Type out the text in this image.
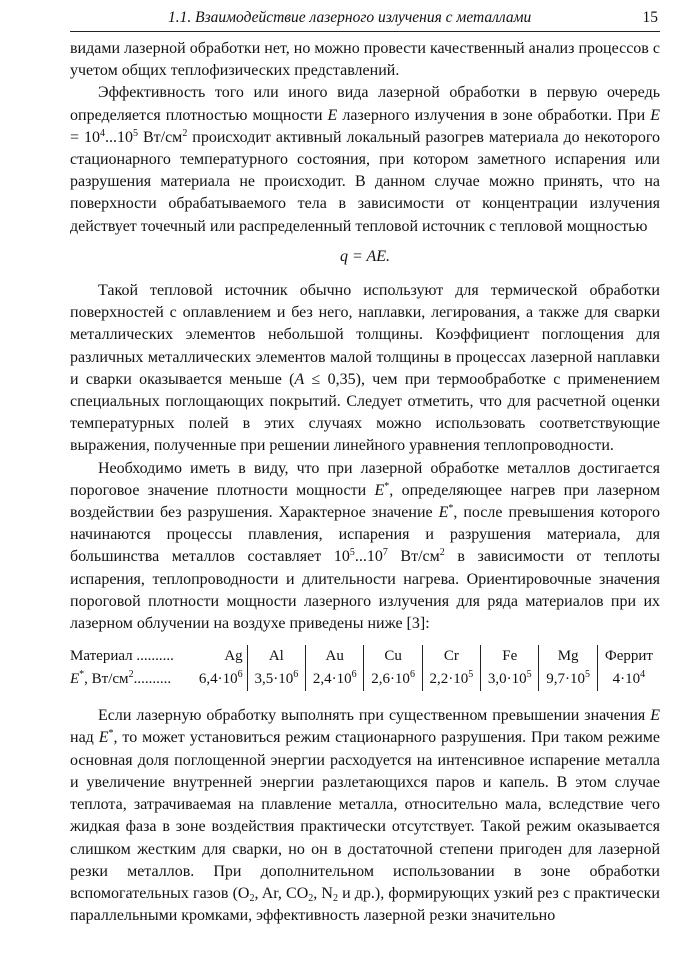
1.1. Взаимодействие лазерного излучения с металлами	15

видами лазерной обработки нет, но можно провести качественный анализ процессов с учетом общих теплофизических представлений.

Эффективность того или иного вида лазерной обработки в первую очередь определяется плотностью мощности E лазерного излучения в зоне обработки. При $E = 10^4...10^5$ $Вт/см^2$ происходит активный локальный разогрев материала до некоторого стационарного температурного состояния, при котором заметного испарения или разрушения материала не происходит. В данном случае можно принять, что на поверхности обрабатываемого тела в зависимости от концентрации излучения действует точечный или распределенный тепловой источник с тепловой мощностью

q = AE.

Такой тепловой источник обычно используют для термической обработки поверхностей с оплавлением и без него, наплавки, легирования, а также для сварки металлических элементов небольшой толщины. Коэффициент поглощения для различных металлических элементов малой толщины в процессах лазерной наплавки и сварки оказывается меньше (A ≤ 0,35), чем при термообработке с применением специальных поглощающих покрытий. Следует отметить, что для расчетной оценки температурных полей в этих случаях можно использовать соответствующие выражения, полученные при решении линейного уравнения теплопроводности.

Необходимо иметь в виду, что при лазерной обработке металлов достигается пороговое значение плотности мощности E*, определяющее нагрев при лазерном воздействии без разрушения. Характерное значение E*, после превышения которого начинаются процессы плавления, испарения и разрушения материала, для большинства металлов составляет $10^5...10^7$ $Вт/см^2$ в зависимости от теплоты испарения, теплопроводности и длительности нагрева. Ориентировочные значения пороговой плотности мощности лазерного излучения для ряда материалов при их лазерном облучении на воздухе приведены ниже [3]:

Материал ..........	Ag	Al	Au	Cu	Cr	Fe	Mg	Феррит
E*, $Вт/см^2$..........	$6,4\cdot 10^6$	$3,5\cdot 10^6$	$2,4\cdot 10^6$	$2,6\cdot 10^6$	$2,2\cdot 10^5$	$3,0\cdot 10^5$	$9,7\cdot 10^5$	$4\cdot 10^4$

Если лазерную обработку выполнять при существенном превышении значения E над E*, то может установиться режим стационарного разрушения. При таком режиме основная доля поглощенной энергии расходуется на интенсивное испарение металла и увеличение внутренней энергии разлетающихся паров и капель. В этом случае теплота, затрачиваемая на плавление металла, относительно мала, вследствие чего жидкая фаза в зоне воздействия практически отсутствует. Такой режим оказывается слишком жестким для сварки, но он в достаточной степени пригоден для лазерной резки металлов. При дополнительном использовании в зоне обработки вспомогательных газов ($O_2$, Ar, $CO_2$, $N_2$ и др.), формирующих узкий рез с практически параллельными кромками, эффективность лазерной резки значительно
